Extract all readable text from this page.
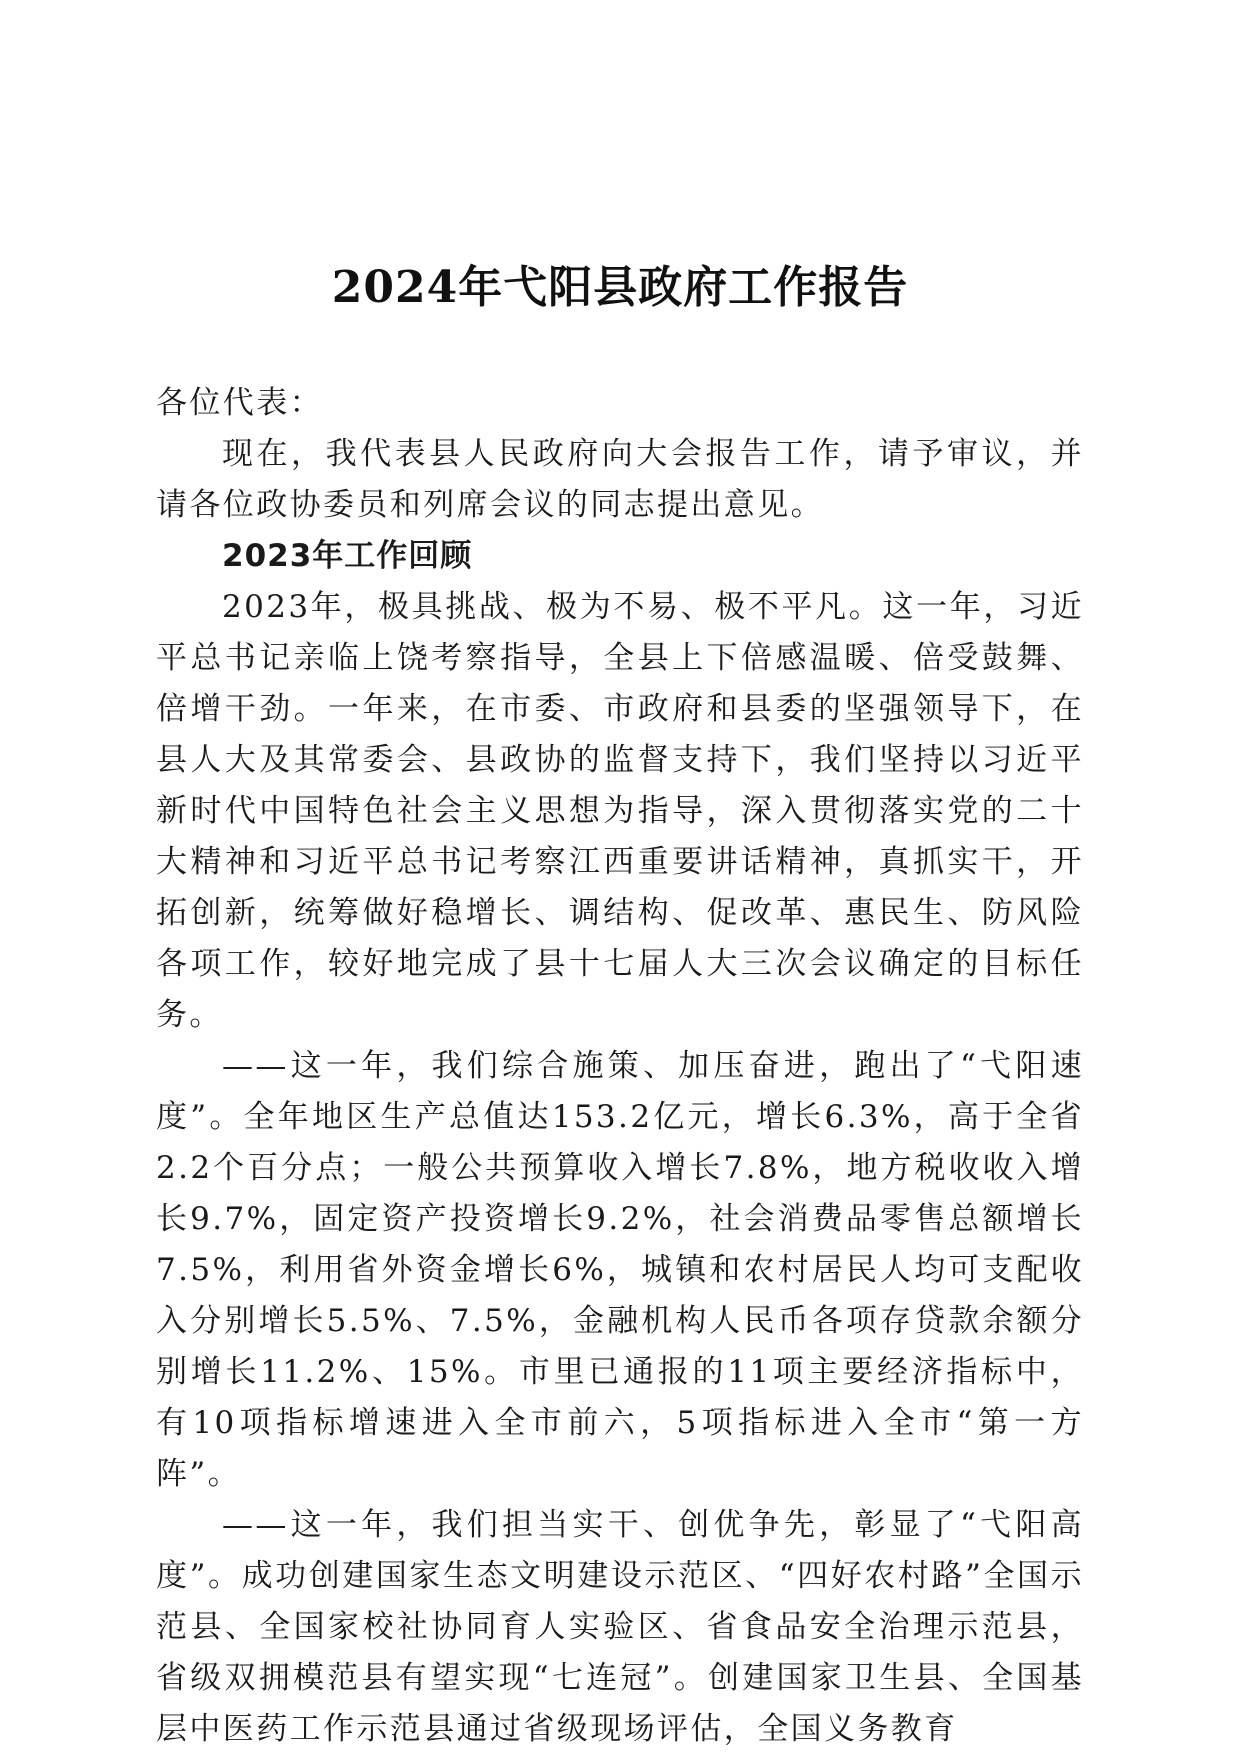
2024年弋阳县政府工作报告

各位代表：

现在，我代表县人民政府向大会报告工作，请予审议，并请各位政协委员和列席会议的同志提出意见。

2023年工作回顾

2023年，极具挑战、极为不易、极不平凡。这一年，习近平总书记亲临上饶考察指导，全县上下倍感温暖、倍受鼓舞、倍增干劲。一年来，在市委、市政府和县委的坚强领导下，在县人大及其常委会、县政协的监督支持下，我们坚持以习近平新时代中国特色社会主义思想为指导，深入贯彻落实党的二十大精神和习近平总书记考察江西重要讲话精神，真抓实干，开拓创新，统筹做好稳增长、调结构、促改革、惠民生、防风险各项工作，较好地完成了县十七届人大三次会议确定的目标任务。

——这一年，我们综合施策、加压奋进，跑出了“弋阳速度”。全年地区生产总值达153.2亿元，增长6.3%，高于全省2.2个百分点；一般公共预算收入增长7.8%，地方税收收入增长9.7%，固定资产投资增长9.2%，社会消费品零售总额增长7.5%，利用省外资金增长6%，城镇和农村居民人均可支配收入分别增长5.5%、7.5%，金融机构人民币各项存贷款余额分别增长11.2%、15%。市里已通报的11项主要经济指标中，有10项指标增速进入全市前六，5项指标进入全市“第一方阵”。

——这一年，我们担当实干、创优争先，彰显了“弋阳高度”。成功创建国家生态文明建设示范区、“四好农村路”全国示范县、全国家校社协同育人实验区、省食品安全治理示范县，省级双拥模范县有望实现“七连冠”。创建国家卫生县、全国基层中医药工作示范县通过省级现场评估，全国义务教育
